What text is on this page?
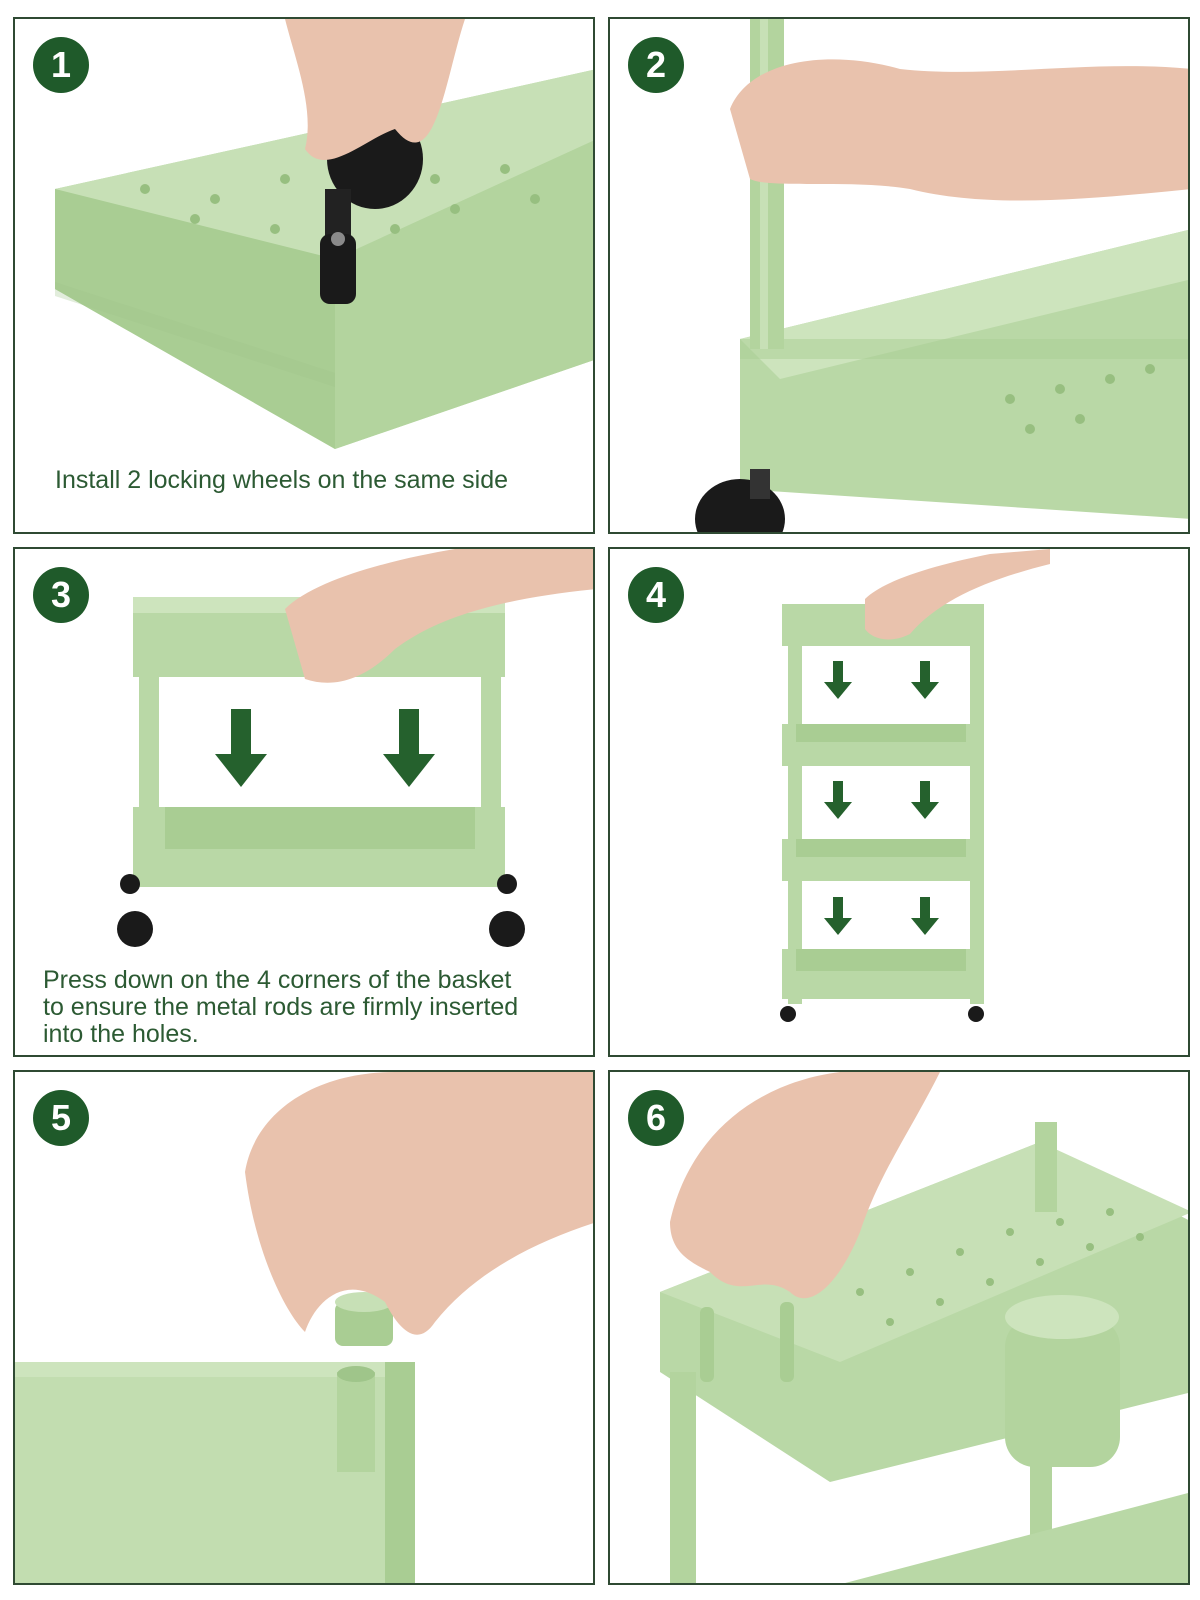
1
Install 2 locking wheels on the same side
2
3
Press down on the 4 corners of the basket
to ensure the metal rods are firmly inserted
into the holes.
4
5	6
